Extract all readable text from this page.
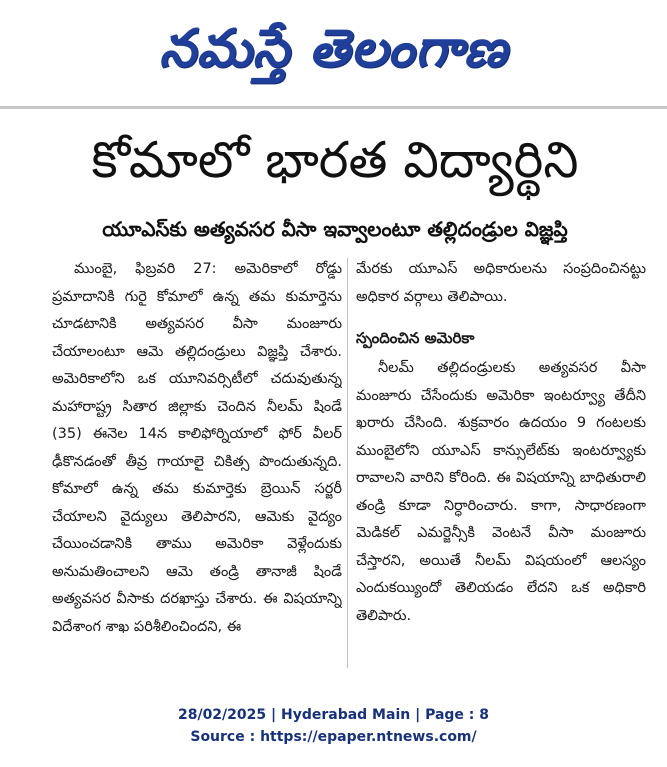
నమస్తే తెలంగాణ
కోమాలో భారత విద్యార్థిని
యూఎస్‌కు అత్యవసర వీసా ఇవ్వాలంటూ తల్లిదండ్రుల విజ్ఞప్తి

ముంబై, ఫిబ్రవరి 27: అమెరికాలో రోడ్డు ప్రమాదానికి గురై కోమాలో ఉన్న తమ కుమార్తెను చూడటానికి అత్యవసర వీసా మంజూరు చేయాలంటూ ఆమె తల్లిదండ్రులు విజ్ఞప్తి చేశారు. అమెరికాలోని ఒక యూనివర్సిటీలో చదువుతున్న మహారాష్ట్ర సితార జిల్లాకు చెందిన నీలమ్ షిండే (35) ఈనెల 14న కాలిఫోర్నియాలో ఫోర్ వీలర్ ఢీకొనడంతో తీవ్ర గాయాలై చికిత్స పొందుతున్నది. కోమాలో ఉన్న తమ కుమార్తెకు బ్రెయిన్ సర్జరీ చేయాలని వైద్యులు తెలిపారని, ఆమెకు వైద్యం చేయించడానికి తాము అమెరికా వెళ్లేందుకు అనుమతించాలని ఆమె తండ్రి తానాజీ షిండే అత్యవసర వీసాకు దరఖాస్తు చేశారు. ఈ విషయాన్ని విదేశాంగ శాఖ పరిశీలించిందని, ఈ

మేరకు యూఎస్ అధికారులను సంప్రదించినట్టు అధికార వర్గాలు తెలిపాయి.

స్పందించిన అమెరికా

నీలమ్ తల్లిదండ్రులకు అత్యవసర వీసా మంజూరు చేసేందుకు అమెరికా ఇంటర్వ్యూ తేదీని ఖరారు చేసింది. శుక్రవారం ఉదయం 9 గంటలకు ముంబైలోని యూఎస్ కాన్సులేట్‌కు ఇంటర్వ్యూకు రావాలని వారిని కోరింది. ఈ విషయాన్ని బాధితురాలి తండ్రి కూడా నిర్ధారించారు. కాగా, సాధారణంగా మెడికల్ ఎమర్జెన్సీకి వెంటనే వీసా మంజూరు చేస్తారని, అయితే నీలమ్ విషయంలో ఆలస్యం ఎందుకయ్యిందో తెలియడం లేదని ఒక అధికారి తెలిపారు.

28/02/2025 | Hyderabad Main | Page : 8
Source : https://epaper.ntnews.com/
